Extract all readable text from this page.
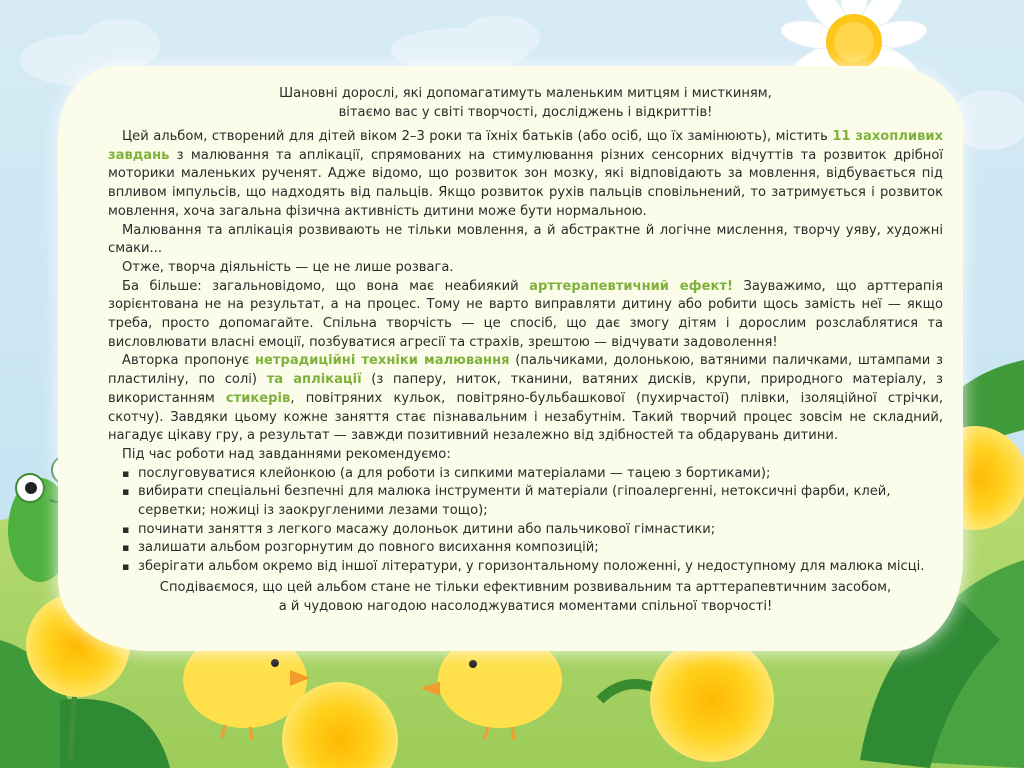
Шановні дорослі, які допомагатимуть маленьким митцям і мисткиням,
вітаємо вас у світі творчості, досліджень і відкриттів!

Цей альбом, створений для дітей віком 2–3 роки та їхніх батьків (або осіб, що їх замінюють), містить 11 захопливих завдань з малювання та аплікації, спрямованих на стимулювання різних сенсорних відчуттів та розвиток дрібної моторики маленьких рученят. Адже відомо, що розвиток зон мозку, які відповідають за мовлення, відбувається під впливом імпульсів, що надходять від пальців. Якщо розвиток рухів пальців сповільнений, то затримується і розвиток мовлення, хоча загальна фізична активність дитини може бути нормальною.

Малювання та аплікація розвивають не тільки мовлення, а й абстрактне й логічне мислення, творчу уяву, художні смаки...

Отже, творча діяльність — це не лише розвага.

Ба більше: загальновідомо, що вона має неабиякий арттерапевтичний ефект! Зауважимо, що арттерапія зорієнтована не на результат, а на процес. Тому не варто виправляти дитину або робити щось замість неї — якщо треба, просто допомагайте. Спільна творчість — це спосіб, що дає змогу дітям і дорослим розслаблятися та висловлювати власні емоції, позбуватися агресії та страхів, зрештою — відчувати задоволення!

Авторка пропонує нетрадиційні техніки малювання (пальчиками, долонькою, ватяними паличками, штампами з пластиліну, по солі) та аплікації (з паперу, ниток, тканини, ватяних дисків, крупи, природного матеріалу, з використанням стикерів, повітряних кульок, повітряно-бульбашкової (пухирчастої) плівки, ізоляційної стрічки, скотчу). Завдяки цьому кожне заняття стає пізнавальним і незабутнім. Такий творчий процес зовсім не складний, нагадує цікаву гру, а результат — завжди позитивний незалежно від здібностей та обдарувань дитини.

Під час роботи над завданнями рекомендуємо:

▪ послуговуватися клейонкою (а для роботи із сипкими матеріалами — тацею з бортиками);
▪ вибирати спеціальні безпечні для малюка інструменти й матеріали (гіпоалергенні, нетоксичні фарби, клей, серветки; ножиці із заокругленими лезами тощо);
▪ починати заняття з легкого масажу долоньок дитини або пальчикової гімнастики;
▪ залишати альбом розгорнутим до повного висихання композицій;
▪ зберігати альбом окремо від іншої літератури, у горизонтальному положенні, у недоступному для малюка місці.
Сподіваємося, що цей альбом стане не тільки ефективним розвивальним та арттерапевтичним засобом,
а й чудовою нагодою насолоджуватися моментами спільної творчості!
